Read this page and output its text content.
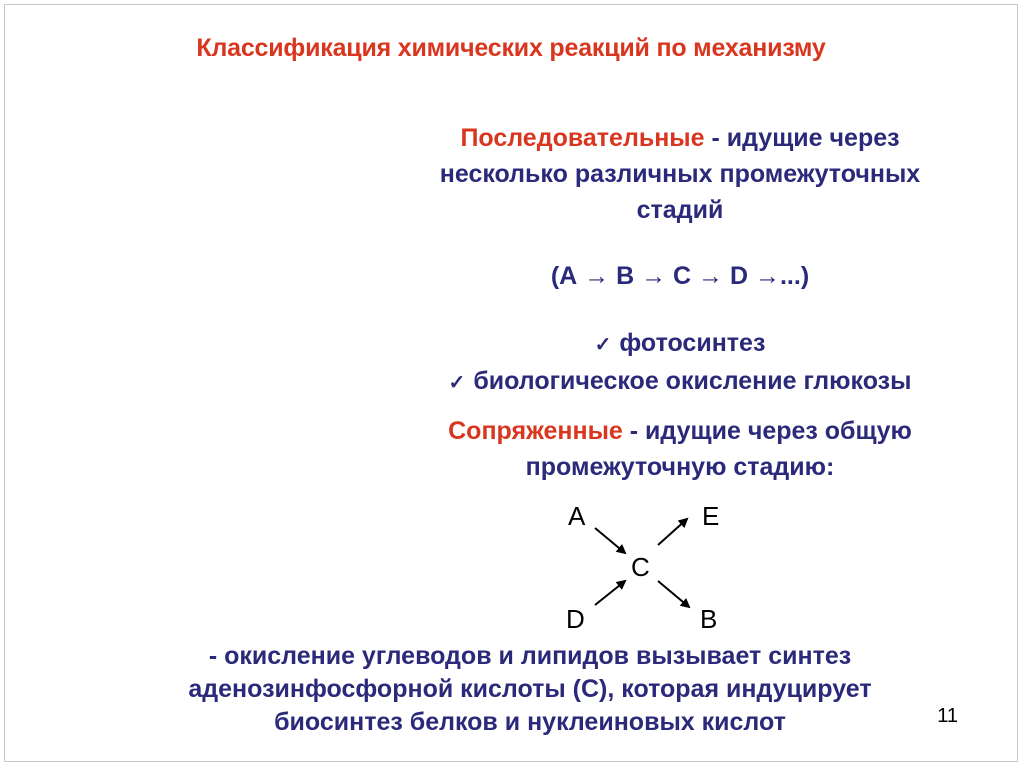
Классификация химических реакций по механизму
Последовательные - идущие через
несколько различных промежуточных
стадий
(А → В → С → D →...)
✓ фотосинтез
✓ биологическое окисление глюкозы
Сопряженные - идущие через общую
промежуточную стадию:
A	E
C
D	B
- окисление углеводов и липидов вызывает синтез
аденозинфосфорной кислоты (С), которая индуцирует
биосинтез белков и нуклеиновых кислот	11
